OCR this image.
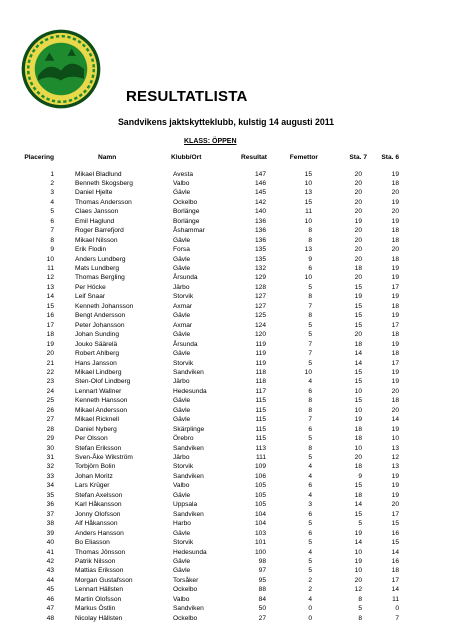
RESULTATLISTA
Sandvikens jaktskytteklubb, kulstig 14 augusti 2011
KLASS: ÖPPEN
Placering	Namn	Klubb/Ort	Resultat	Femettor	Sta. 7	Sta. 6
1	Mikael Bladlund	Avesta	147	15	20	19
2	Benneth Skogsberg	Valbo	146	10	20	18
3	Daniel Hjelte	Gävle	145	13	20	20
4	Thomas Andersson	Ockelbo	142	15	20	19
5	Claes Jansson	Borlänge	140	11	20	20
6	Emil Haglund	Borlänge	136	10	19	19
7	Roger Barrefjord	Åshammar	136	8	20	18
8	Mikael Nilsson	Gävle	136	8	20	18
9	Erik Flodin	Forsa	135	13	20	20
10	Anders Lundberg	Gävle	135	9	20	18
11	Mats Lundberg	Gävle	132	6	18	19
12	Thomas Bergling	Årsunda	129	10	20	19
13	Per Höcke	Järbo	128	5	15	17
14	Leif Snaar	Storvik	127	8	19	19
15	Kenneth Johansson	Axmar	127	7	15	18
16	Bengt Andersson	Gävle	125	8	15	19
17	Peter Johansson	Axmar	124	5	15	17
18	Johan Sunding	Gävle	120	5	20	18
19	Jouko Säärelä	Årsunda	119	7	18	19
20	Robert Ahlberg	Gävle	119	7	14	18
21	Hans Jansson	Storvik	119	5	14	17
22	Mikael Lindberg	Sandviken	118	10	15	19
23	Sten-Olof Lindberg	Järbo	118	4	15	19
24	Lennart Wallner	Hedesunda	117	6	10	20
25	Kenneth Hansson	Gävle	115	8	15	18
26	Mikael Andersson	Gävle	115	8	10	20
27	Mikael Ricknell	Gävle	115	7	19	14
28	Daniel Nyberg	Skärplinge	115	6	18	19
29	Per Olsson	Örebro	115	5	18	10
30	Stefan Eriksson	Sandviken	113	8	10	13
31	Sven-Åke Wikström	Järbo	111	5	20	12
32	Torbjörn Bolin	Storvik	109	4	18	13
33	Johan Moritz	Sandviken	106	4	9	19
34	Lars Krüger	Valbo	105	6	15	19
35	Stefan Axelsson	Gävle	105	4	18	19
36	Karl Håkansson	Uppsala	105	3	14	20
37	Jonny Olofsson	Sandviken	104	6	15	17
38	Alf Håkansson	Harbo	104	5	5	15
39	Anders Hansson	Gävle	103	6	19	16
40	Bo Eliasson	Storvik	101	5	14	15
41	Thomas Jönsson	Hedesunda	100	4	10	14
42	Patrik Nilsson	Gävle	98	5	19	16
43	Mattias Eriksson	Gävle	97	5	10	18
44	Morgan Gustafsson	Torsåker	95	2	20	17
45	Lennart Hällsten	Ockelbo	88	2	12	14
46	Martin Olofsson	Valbo	84	4	8	11
47	Markus Östlin	Sandviken	50	0	5	0
48	Nicolay Hällsten	Ockelbo	27	0	8	7
